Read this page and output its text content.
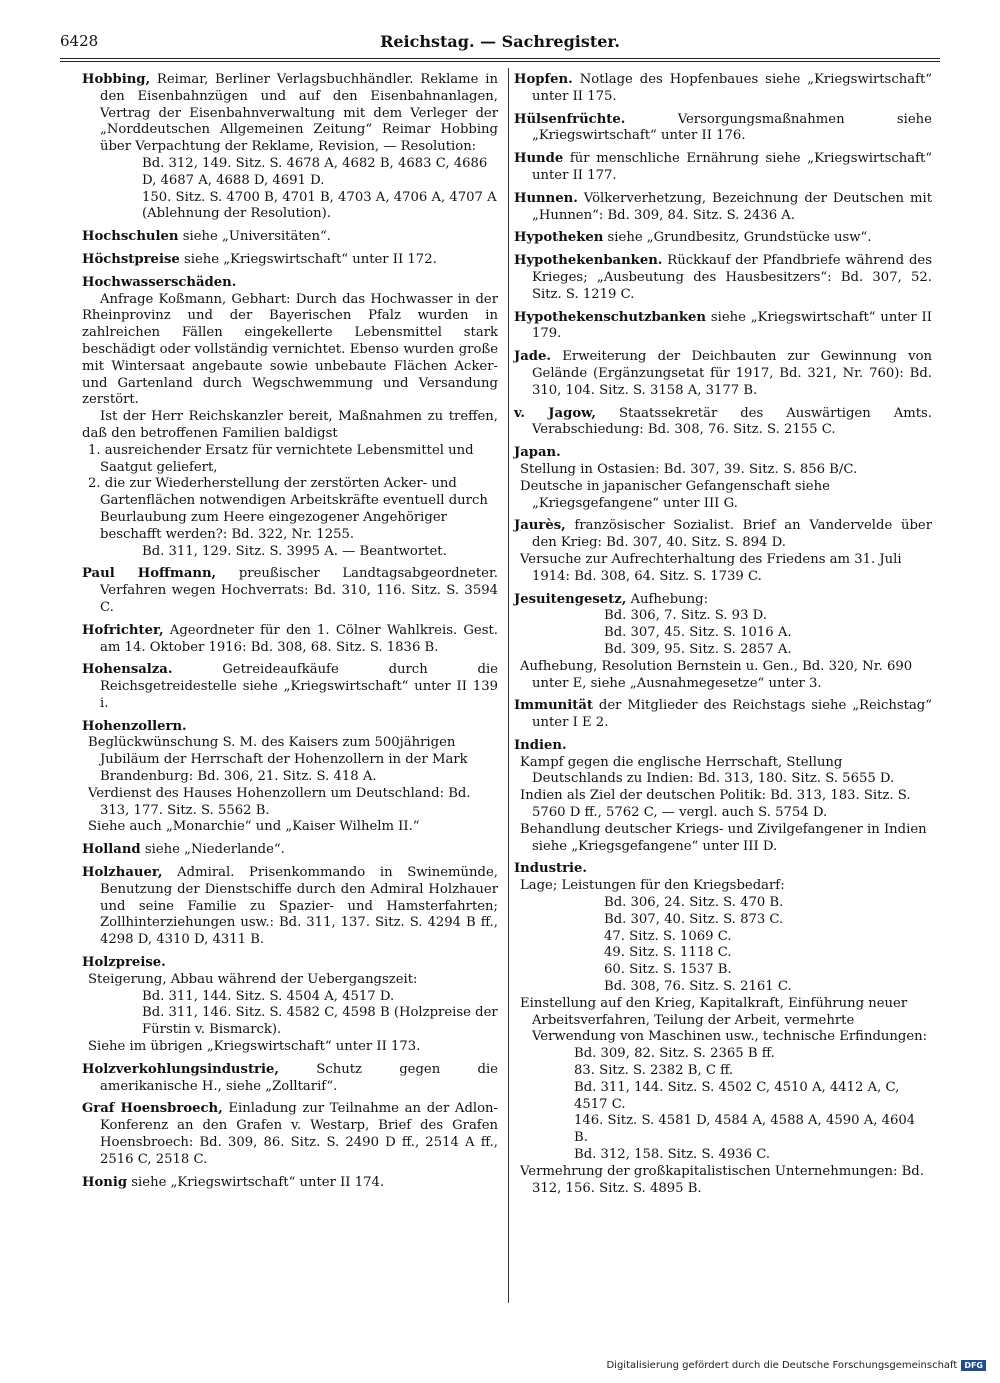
6428	Reichstag. — Sachregister.

Hobbing, Reimar, Berliner Verlagsbuchhändler. Reklame in den Eisenbahnzügen und auf den Eisenbahnanlagen, Vertrag der Eisenbahnverwaltung mit dem Verleger der „Norddeutschen Allgemeinen Zeitung“ Reimar Hobbing über Verpachtung der Reklame, Revision, — Resolution:

Bd. 312, 149. Sitz. S. 4678 A, 4682 B, 4683 C, 4686 D, 4687 A, 4688 D, 4691 D.

150. Sitz. S. 4700 B, 4701 B, 4703 A, 4706 A, 4707 A (Ablehnung der Resolution).

Hochschulen siehe „Universitäten“.

Höchstpreise siehe „Kriegswirtschaft“ unter II 172.

Hochwasserschäden.

Anfrage Koßmann, Gebhart: Durch das Hochwasser in der Rheinprovinz und der Bayerischen Pfalz wurden in zahlreichen Fällen eingekellerte Lebensmittel stark beschädigt oder vollständig vernichtet. Ebenso wurden große mit Wintersaat angebaute sowie unbebaute Flächen Acker- und Gartenland durch Wegschwemmung und Versandung zerstört.

Ist der Herr Reichskanzler bereit, Maßnahmen zu treffen, daß den betroffenen Familien baldigst

1. ausreichender Ersatz für vernichtete Lebensmittel und Saatgut geliefert,

2. die zur Wiederherstellung der zerstörten Acker- und Gartenflächen notwendigen Arbeitskräfte eventuell durch Beurlaubung zum Heere eingezogener Angehöriger beschafft werden?: Bd. 322, Nr. 1255.

Bd. 311, 129. Sitz. S. 3995 A. — Beantwortet.

Paul Hoffmann, preußischer Landtagsabgeordneter. Verfahren wegen Hochverrats: Bd. 310, 116. Sitz. S. 3594 C.

Hofrichter, Ageordneter für den 1. Cölner Wahlkreis. Gest. am 14. Oktober 1916: Bd. 308, 68. Sitz. S. 1836 B.

Hohensalza.	Getreideaufkäufe durch die Reichsgetreidestelle siehe „Kriegswirtschaft“ unter II 139 i.

Hohenzollern.

Beglückwünschung S. M. des Kaisers zum 500jährigen Jubiläum der Herrschaft der Hohenzollern in der Mark Brandenburg: Bd. 306, 21. Sitz. S. 418 A.

Verdienst des Hauses Hohenzollern um Deutschland: Bd. 313, 177. Sitz. S. 5562 B.

Siehe auch „Monarchie“ und „Kaiser Wilhelm II.“

Holland siehe „Niederlande“.

Holzhauer, Admiral. Prisenkommando in Swinemünde, Benutzung der Dienstschiffe durch den Admiral Holzhauer und seine Familie zu Spazier- und Hamsterfahrten; Zollhinterziehungen usw.: Bd. 311, 137. Sitz. S. 4294 B ff., 4298 D, 4310 D, 4311 B.

Holzpreise.

Steigerung, Abbau während der Uebergangszeit:

Bd. 311, 144. Sitz. S. 4504 A, 4517 D.

Bd. 311, 146. Sitz. S. 4582 C, 4598 B (Holzpreise der Fürstin v. Bismarck).

Siehe im übrigen „Kriegswirtschaft“ unter II 173.

Holzverkohlungsindustrie,	Schutz gegen die amerikanische H., siehe „Zolltarif“.

Graf Hoensbroech, Einladung zur Teilnahme an der Adlon-Konferenz an den Grafen v. Westarp, Brief des Grafen Hoensbroech: Bd. 309, 86. Sitz. S. 2490 D ff., 2514 A ff., 2516 C, 2518 C.

Honig siehe „Kriegswirtschaft“ unter II 174.

Hopfen. Notlage des Hopfenbaues siehe „Kriegswirtschaft“ unter II 175.

Hülsenfrüchte.	Versorgungsmaßnahmen siehe „Kriegswirtschaft“ unter II 176.

Hunde für menschliche Ernährung siehe „Kriegswirtschaft“ unter II 177.

Hunnen. Völkerverhetzung, Bezeichnung der Deutschen mit „Hunnen“: Bd. 309, 84. Sitz. S. 2436 A.

Hypotheken siehe „Grundbesitz, Grundstücke usw“.

Hypothekenbanken. Rückkauf der Pfandbriefe während des Krieges; „Ausbeutung des Hausbesitzers“: Bd. 307, 52. Sitz. S. 1219 C.

Hypothekenschutzbanken siehe „Kriegswirtschaft“ unter II 179.

Jade. Erweiterung der Deichbauten zur Gewinnung von Gelände (Ergänzungsetat für 1917, Bd. 321, Nr. 760): Bd. 310, 104. Sitz. S. 3158 A, 3177 B.

v. Jagow, Staatssekretär des Auswärtigen Amts. Verabschiedung: Bd. 308, 76. Sitz. S. 2155 C.

Japan.

Stellung in Ostasien: Bd. 307, 39. Sitz. S. 856 B/C.

Deutsche in japanischer Gefangenschaft siehe „Kriegsgefangene“ unter III G.

Jaurès, französischer Sozialist. Brief an Vandervelde über den Krieg: Bd. 307, 40. Sitz. S. 894 D.

Versuche zur Aufrechterhaltung des Friedens am 31. Juli 1914: Bd. 308, 64. Sitz. S. 1739 C.

Jesuitengesetz, Aufhebung:

Bd. 306, 7. Sitz. S. 93 D.

Bd. 307, 45. Sitz. S. 1016 A.

Bd. 309, 95. Sitz. S. 2857 A.

Aufhebung, Resolution Bernstein u. Gen., Bd. 320, Nr. 690 unter E, siehe „Ausnahmegesetze“ unter 3.

Immunität der Mitglieder des Reichstags siehe „Reichstag“ unter I E 2.

Indien.

Kampf gegen die englische Herrschaft, Stellung Deutschlands zu Indien: Bd. 313, 180. Sitz. S. 5655 D.

Indien als Ziel der deutschen Politik: Bd. 313, 183. Sitz. S. 5760 D ff., 5762 C, — vergl. auch S. 5754 D.

Behandlung deutscher Kriegs- und Zivilgefangener in Indien siehe „Kriegsgefangene“ unter III D.

Industrie.

Lage; Leistungen für den Kriegsbedarf:

Bd. 306, 24. Sitz. S. 470 B.

Bd. 307, 40. Sitz. S. 873 C.

47. Sitz. S. 1069 C.

49. Sitz. S. 1118 C.

60. Sitz. S. 1537 B.

Bd. 308, 76. Sitz. S. 2161 C.

Einstellung auf den Krieg, Kapitalkraft, Einführung neuer Arbeitsverfahren, Teilung der Arbeit, vermehrte Verwendung von Maschinen usw., technische Erfindungen:

Bd. 309, 82. Sitz. S. 2365 B ff.

83. Sitz. S. 2382 B, C ff.

Bd. 311, 144. Sitz. S. 4502 C, 4510 A, 4412 A, C, 4517 C.

146. Sitz. S. 4581 D, 4584 A, 4588 A, 4590 A, 4604 B.

Bd. 312, 158. Sitz. S. 4936 C.

Vermehrung der großkapitalistischen Unternehmungen: Bd. 312, 156. Sitz. S. 4895 B.

Digitalisierung gefördert durch die Deutsche Forschungsgemeinschaft DFG
